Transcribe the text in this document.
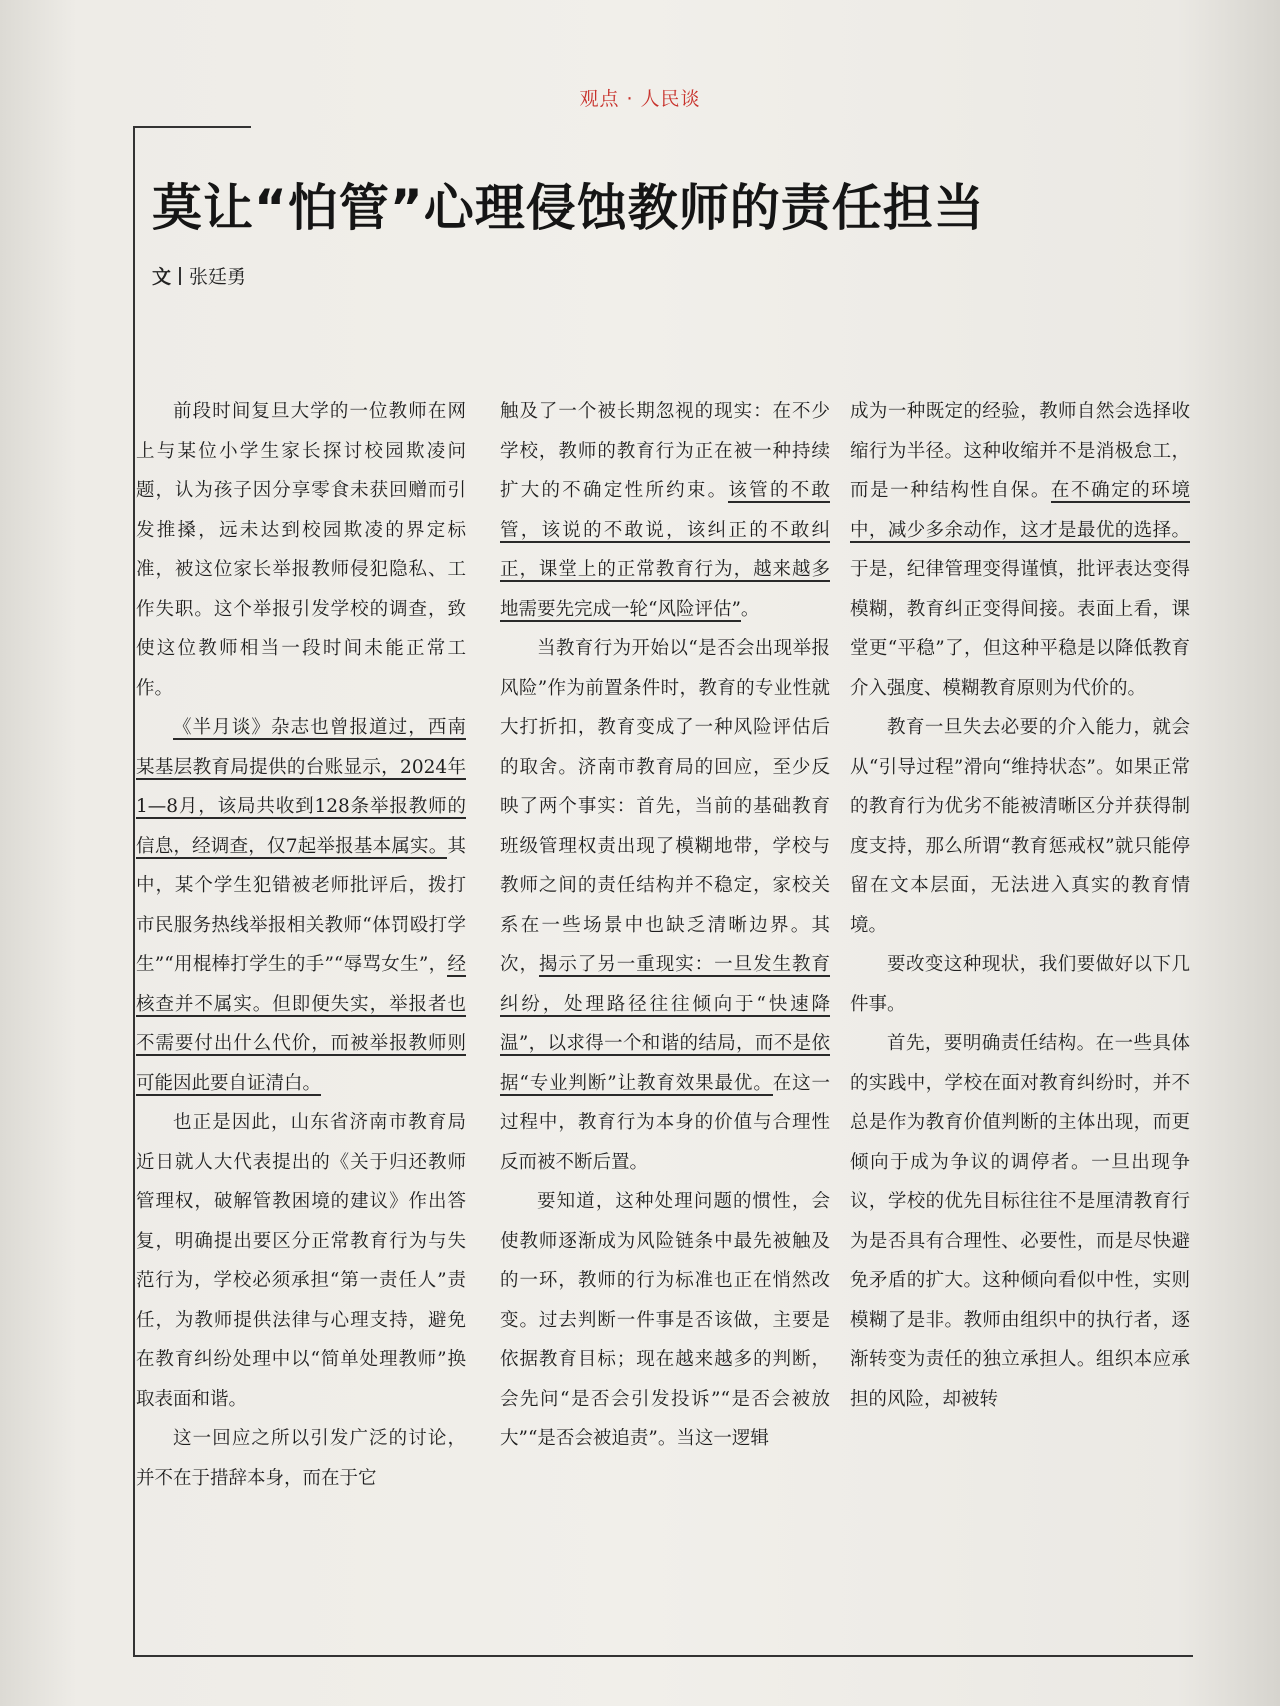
观点 · 人民谈
莫让“怕管”心理侵蚀教师的责任担当
文 张廷勇

前段时间复旦大学的一位教师在网上与某位小学生家长探讨校园欺凌问题，认为孩子因分享零食未获回赠而引发推搡，远未达到校园欺凌的界定标准，被这位家长举报教师侵犯隐私、工作失职。这个举报引发学校的调查，致使这位教师相当一段时间未能正常工作。

《半月谈》杂志也曾报道过，西南某基层教育局提供的台账显示，2024年1—8月，该局共收到128条举报教师的信息，经调查，仅7起举报基本属实。其中，某个学生犯错被老师批评后，拨打市民服务热线举报相关教师“体罚殴打学生”“用棍棒打学生的手”“辱骂女生”，经核查并不属实。但即便失实，举报者也不需要付出什么代价，而被举报教师则可能因此要自证清白。

也正是因此，山东省济南市教育局近日就人大代表提出的《关于归还教师管理权，破解管教困境的建议》作出答复，明确提出要区分正常教育行为与失范行为，学校必须承担“第一责任人”责任，为教师提供法律与心理支持，避免在教育纠纷处理中以“简单处理教师”换取表面和谐。

这一回应之所以引发广泛的讨论，并不在于措辞本身，而在于它

触及了一个被长期忽视的现实：在不少学校，教师的教育行为正在被一种持续扩大的不确定性所约束。该管的不敢管，该说的不敢说，该纠正的不敢纠正，课堂上的正常教育行为，越来越多地需要先完成一轮“风险评估”。

当教育行为开始以“是否会出现举报风险”作为前置条件时，教育的专业性就大打折扣，教育变成了一种风险评估后的取舍。济南市教育局的回应，至少反映了两个事实：首先，当前的基础教育班级管理权责出现了模糊地带，学校与教师之间的责任结构并不稳定，家校关系在一些场景中也缺乏清晰边界。其次，揭示了另一重现实：一旦发生教育纠纷，处理路径往往倾向于“快速降温”，以求得一个和谐的结局，而不是依据“专业判断”让教育效果最优。在这一过程中，教育行为本身的价值与合理性反而被不断后置。

要知道，这种处理问题的惯性，会使教师逐渐成为风险链条中最先被触及的一环，教师的行为标准也正在悄然改变。过去判断一件事是否该做，主要是依据教育目标；现在越来越多的判断，会先问“是否会引发投诉”“是否会被放大”“是否会被追责”。当这一逻辑

成为一种既定的经验，教师自然会选择收缩行为半径。这种收缩并不是消极怠工，而是一种结构性自保。在不确定的环境中，减少多余动作，这才是最优的选择。于是，纪律管理变得谨慎，批评表达变得模糊，教育纠正变得间接。表面上看，课堂更“平稳”了，但这种平稳是以降低教育介入强度、模糊教育原则为代价的。

教育一旦失去必要的介入能力，就会从“引导过程”滑向“维持状态”。如果正常的教育行为优劣不能被清晰区分并获得制度支持，那么所谓“教育惩戒权”就只能停留在文本层面，无法进入真实的教育情境。

要改变这种现状，我们要做好以下几件事。

首先，要明确责任结构。在一些具体的实践中，学校在面对教育纠纷时，并不总是作为教育价值判断的主体出现，而更倾向于成为争议的调停者。一旦出现争议，学校的优先目标往往不是厘清教育行为是否具有合理性、必要性，而是尽快避免矛盾的扩大。这种倾向看似中性，实则模糊了是非。教师由组织中的执行者，逐渐转变为责任的独立承担人。组织本应承担的风险，却被转
